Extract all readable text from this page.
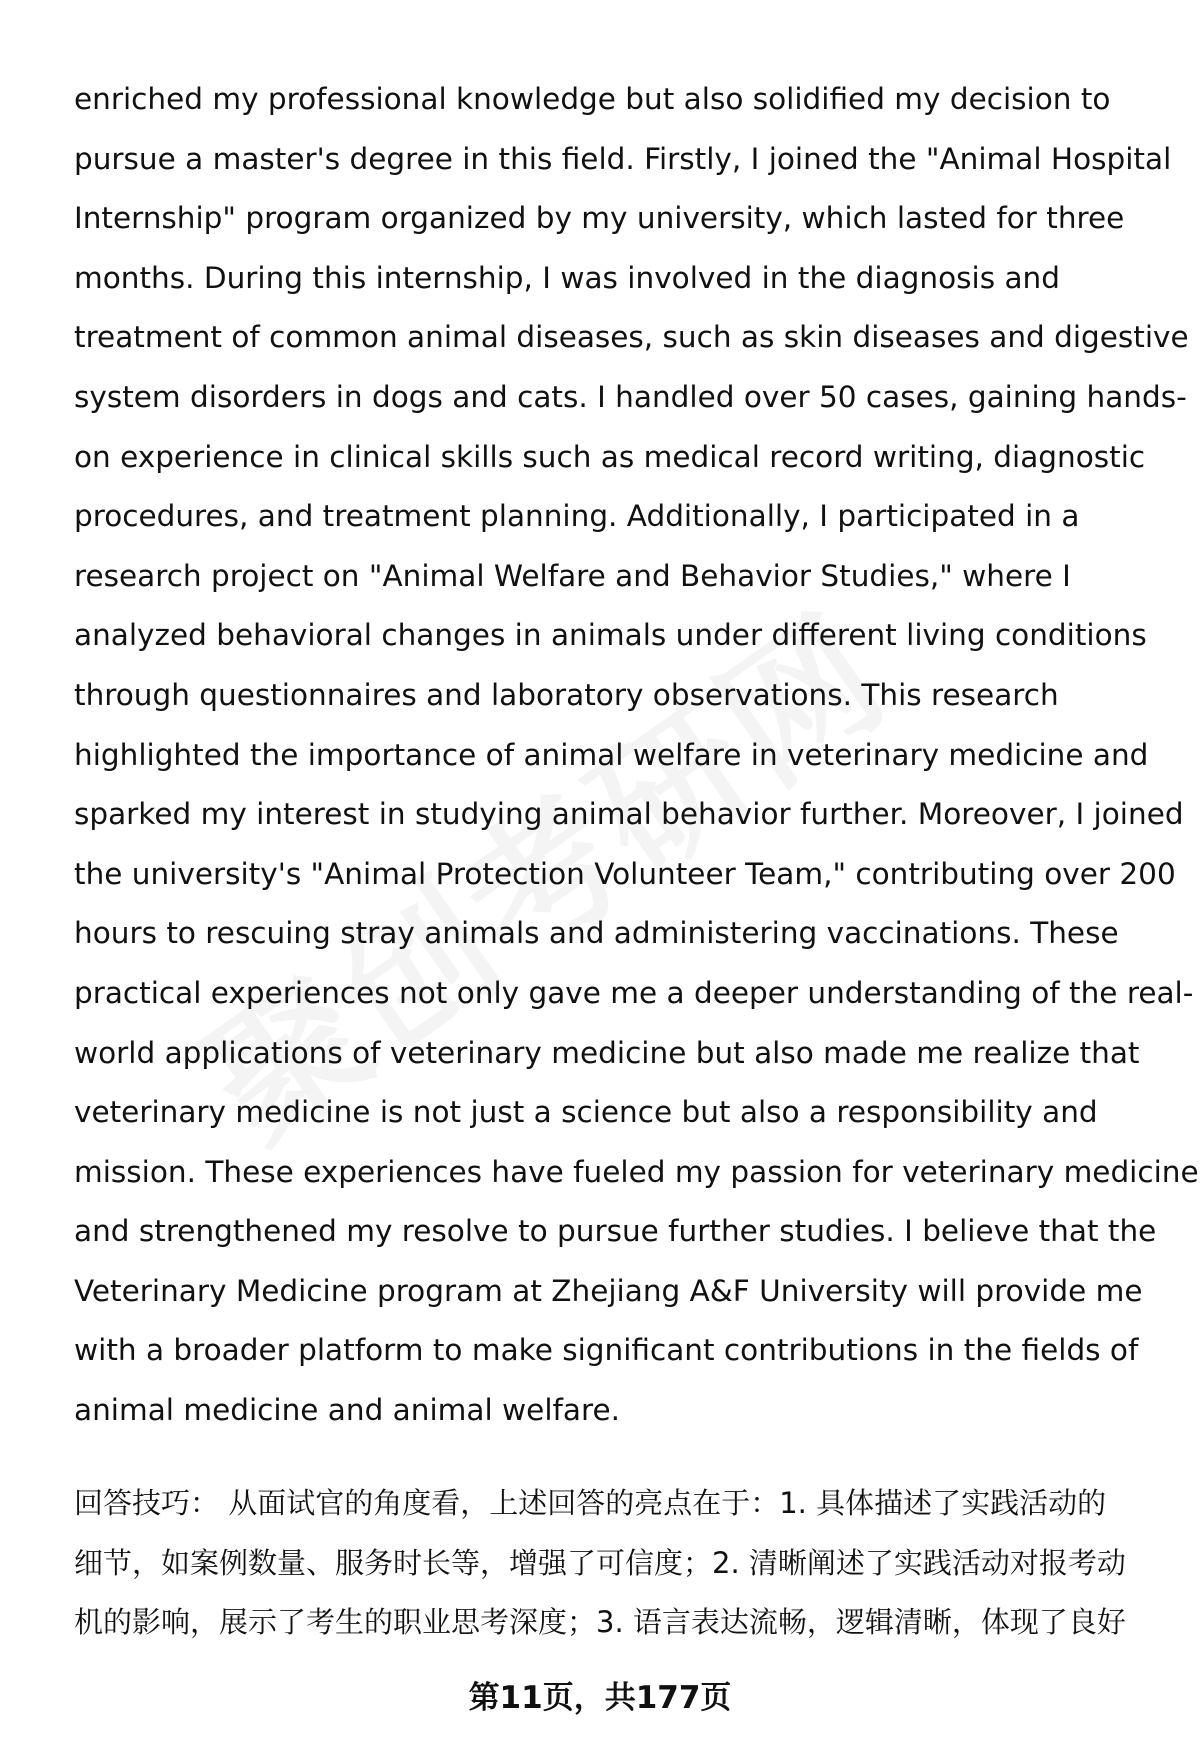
enriched my professional knowledge but also solidified my decision to
pursue a master's degree in this field. Firstly, I joined the "Animal Hospital
Internship" program organized by my university, which lasted for three
months. During this internship, I was involved in the diagnosis and
treatment of common animal diseases, such as skin diseases and digestive
system disorders in dogs and cats. I handled over 50 cases, gaining hands-
on experience in clinical skills such as medical record writing, diagnostic
procedures, and treatment planning. Additionally, I participated in a
research project on "Animal Welfare and Behavior Studies," where I
analyzed behavioral changes in animals under different living conditions
through questionnaires and laboratory observations. This research
highlighted the importance of animal welfare in veterinary medicine and
sparked my interest in studying animal behavior further. Moreover, I joined
the university's "Animal Protection Volunteer Team," contributing over 200
hours to rescuing stray animals and administering vaccinations. These
practical experiences not only gave me a deeper understanding of the real-
world applications of veterinary medicine but also made me realize that
veterinary medicine is not just a science but also a responsibility and
mission. These experiences have fueled my passion for veterinary medicine
and strengthened my resolve to pursue further studies. I believe that the
Veterinary Medicine program at Zhejiang A&F University will provide me
with a broader platform to make significant contributions in the fields of
animal medicine and animal welfare.

回答技巧： 从面试官的角度看，上述回答的亮点在于：1. 具体描述了实践活动的
细节，如案例数量、服务时长等，增强了可信度；2. 清晰阐述了实践活动对报考动
机的影响，展示了考生的职业思考深度；3. 语言表达流畅，逻辑清晰，体现了良好

第11页，共177页
